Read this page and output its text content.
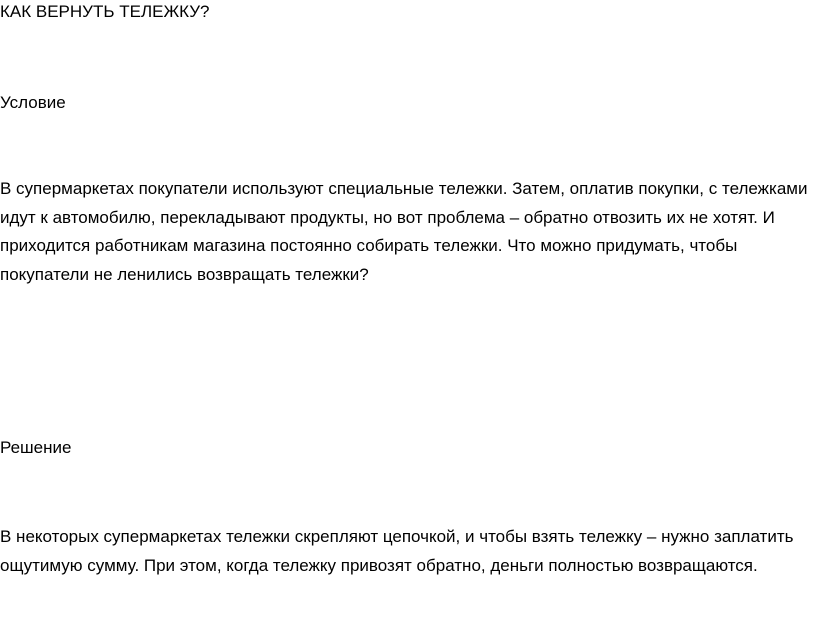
КАК ВЕРНУТЬ ТЕЛЕЖКУ?
Условие
В супермаркетах покупатели используют специальные тележки. Затем, оплатив покупки, с тележками идут к автомобилю, перекладывают продукты, но вот проблема – обратно отвозить их не хотят. И приходится работникам магазина постоянно собирать тележки. Что можно придумать, чтобы покупатели не ленились возвращать тележки?
Решение
В некоторых супермаркетах тележки скрепляют цепочкой, и чтобы взять тележку – нужно заплатить ощутимую сумму. При этом, когда тележку привозят обратно, деньги полностью возвращаются.
